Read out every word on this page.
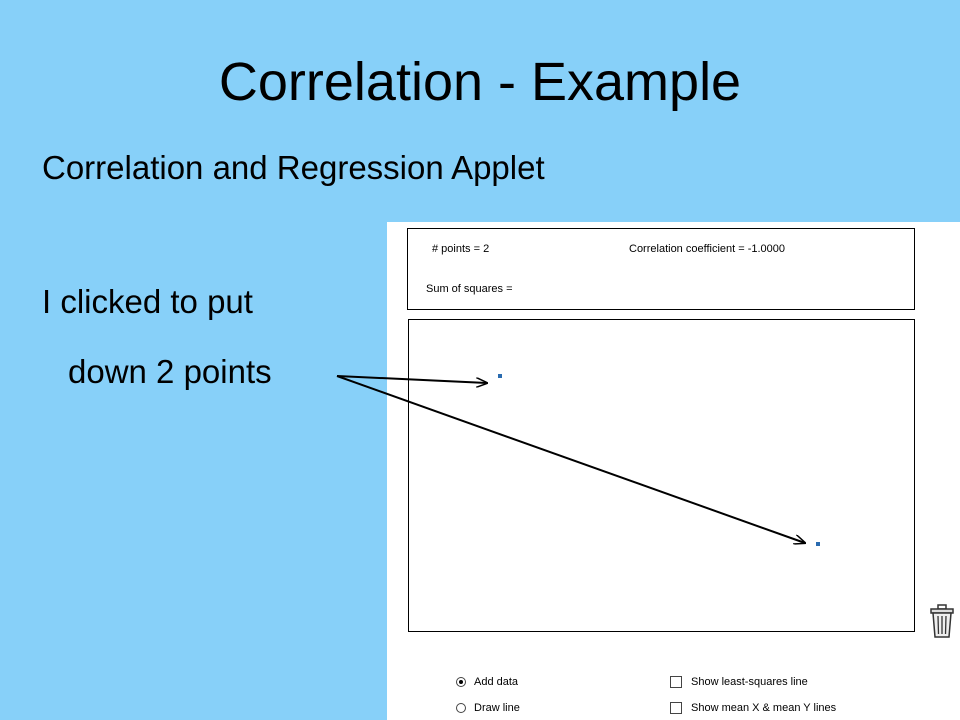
Correlation - Example
Correlation and Regression Applet
I clicked to put
down 2 points
# points = 2	Correlation coefficient = -1.0000
Sum of squares =
Add data
Draw line
Show least-squares line
Show mean X & mean Y lines
